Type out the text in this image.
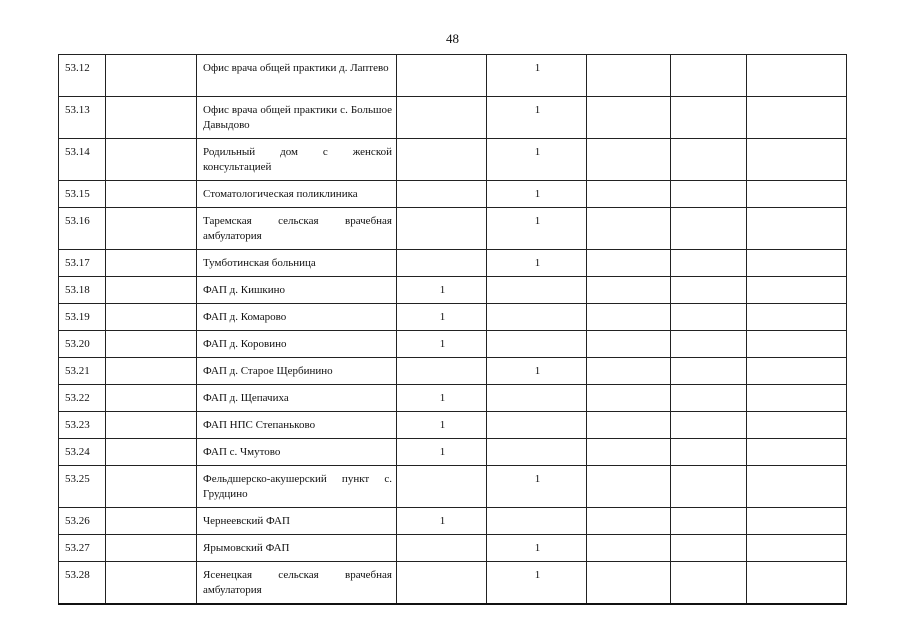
48
53.12		Офис врача общей практики д. Лаптево		1			
53.13		Офис врача общей практики с. Большое Давыдово		1			
53.14		Родильный дом с женской консультацией		1			
53.15		Стоматологическая поликлиника		1			
53.16		Таремская сельская врачебная амбулатория		1			
53.17		Тумботинская больница		1			
53.18		ФАП д. Кишкино	1				
53.19		ФАП д. Комарово	1				
53.20		ФАП д. Коровино	1				
53.21		ФАП д. Старое Щербинино		1			
53.22		ФАП д. Щепачиха	1				
53.23		ФАП НПС Степаньково	1				
53.24		ФАП с. Чмутово	1				
53.25		Фельдшерско-акушерский пункт с. Грудцино		1			
53.26		Чернеевский ФАП	1				
53.27		Ярымовский ФАП		1			
53.28		Ясенецкая сельская врачебная амбулатория		1			
